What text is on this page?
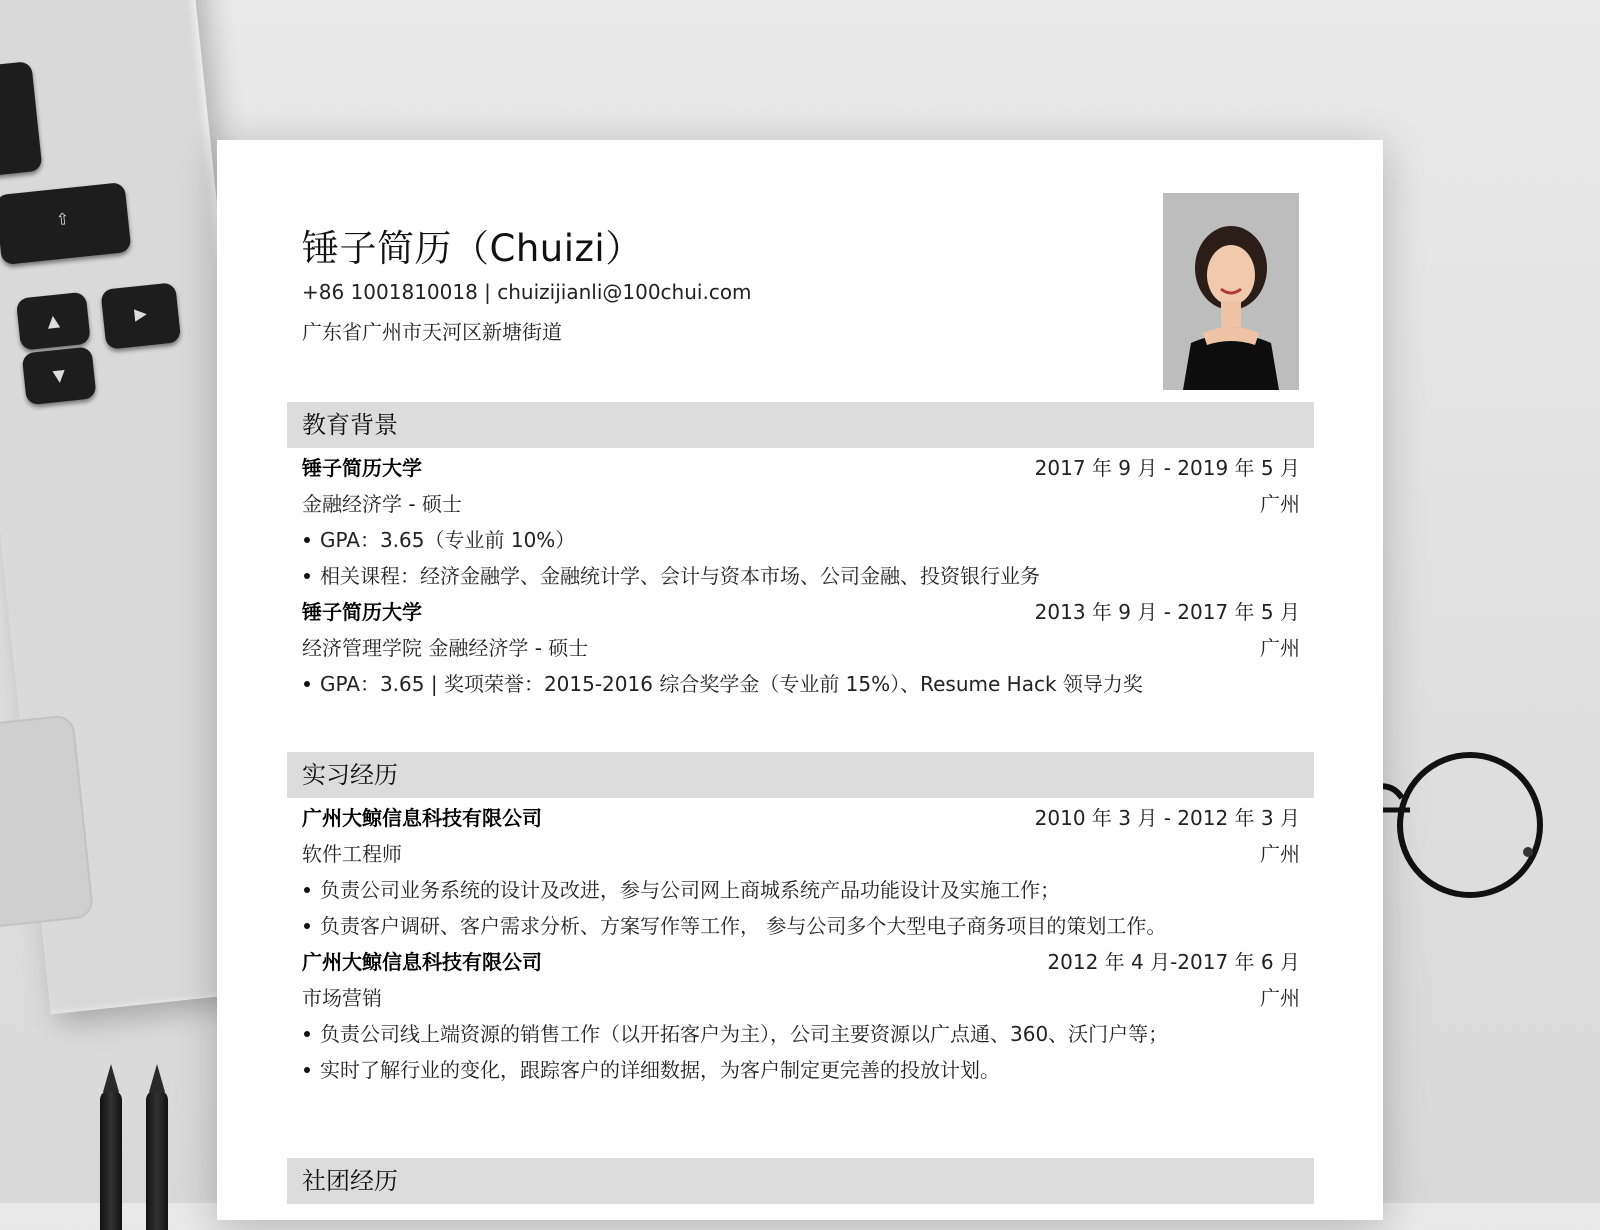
⇧
▲
▼
▶
锤子简历（Chuizi）
+86 1001810018 | chuizijianli@100chui.com
广东省广州市天河区新塘街道
教育背景
锤子简历大学	2017 年 9 月 - 2019 年 5 月
金融经济学 - 硕士	广州
GPA：3.65（专业前 10%）
相关课程：经济金融学、金融统计学、会计与资本市场、公司金融、投资银行业务
锤子简历大学	2013 年 9 月 - 2017 年 5 月
经济管理学院 金融经济学 - 硕士	广州
GPA：3.65 | 奖项荣誉：2015-2016 综合奖学金（专业前 15%）、Resume Hack 领导力奖
实习经历
广州大鲸信息科技有限公司	2010 年 3 月 - 2012 年 3 月
软件工程师	广州
负责公司业务系统的设计及改进，参与公司网上商城系统产品功能设计及实施工作；
负责客户调研、客户需求分析、方案写作等工作， 参与公司多个大型电子商务项目的策划工作。
广州大鲸信息科技有限公司	2012 年 4 月-2017 年 6 月
市场营销	广州
负责公司线上端资源的销售工作（以开拓客户为主），公司主要资源以广点通、360、沃门户等；
实时了解行业的变化，跟踪客户的详细数据，为客户制定更完善的投放计划。
社团经历
